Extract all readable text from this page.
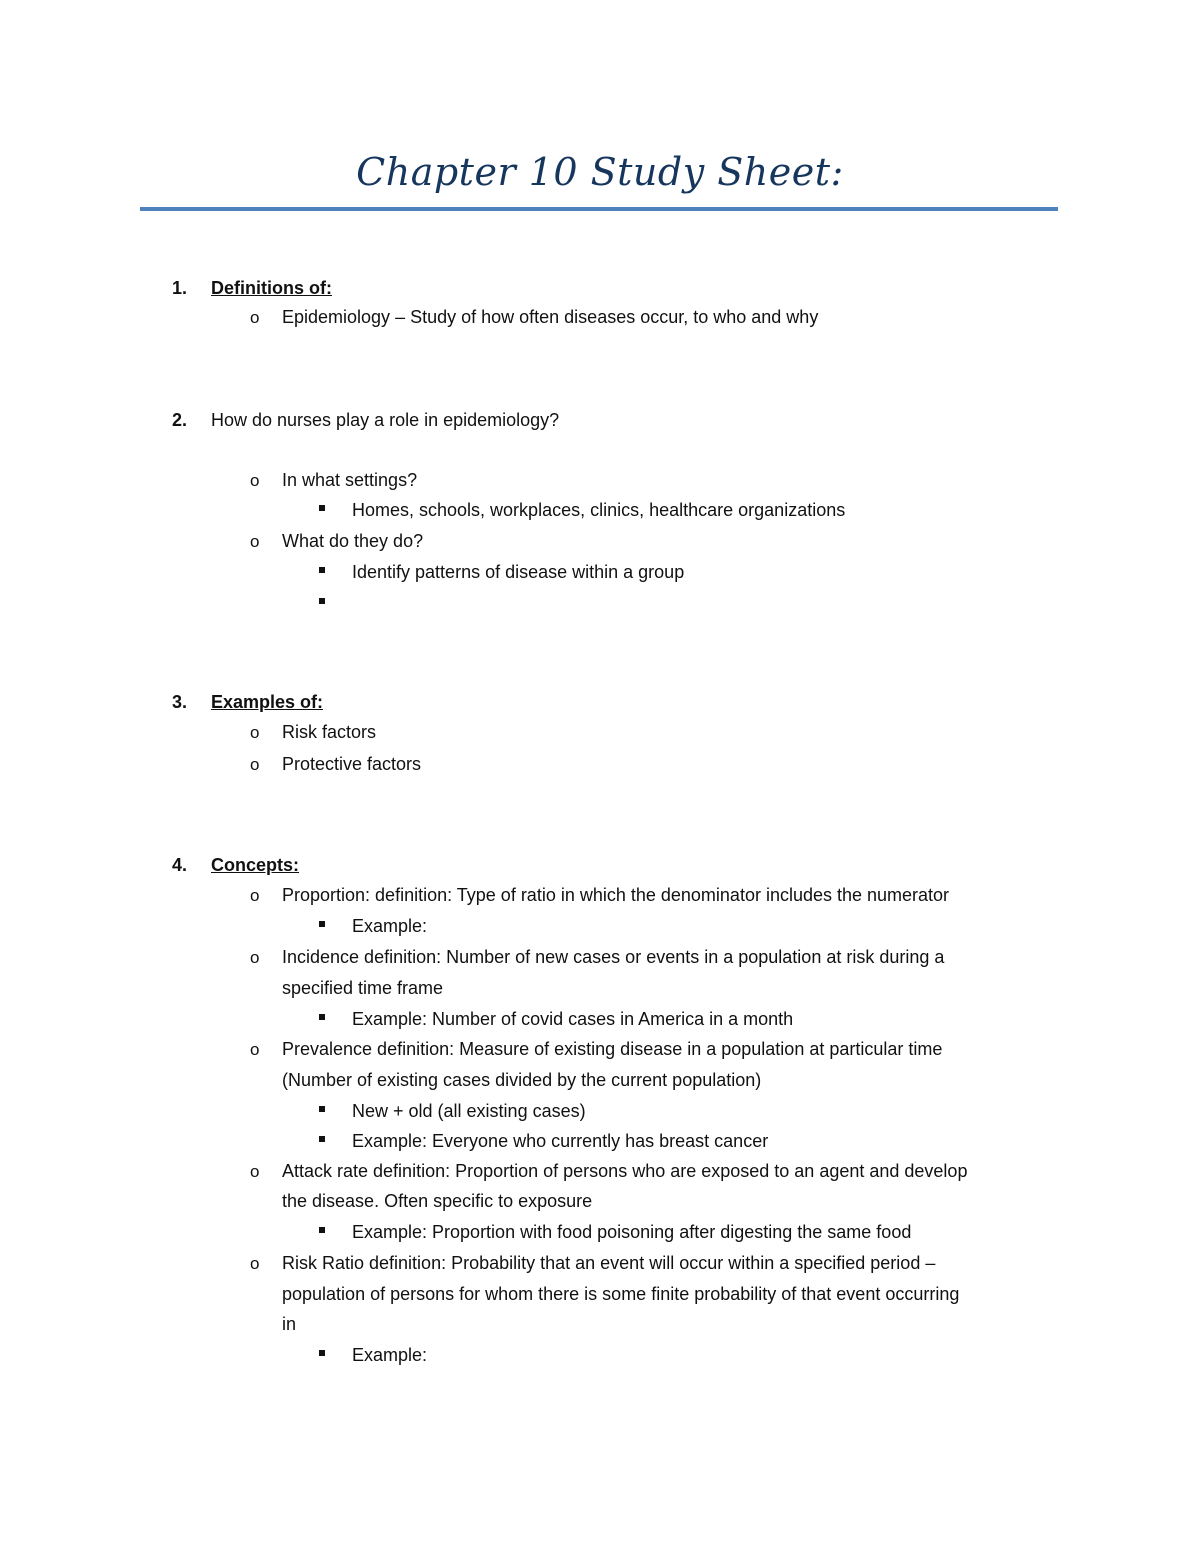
Chapter 10 Study Sheet:
1. Definitions of:
o Epidemiology – Study of how often diseases occur, to who and why
2. How do nurses play a role in epidemiology?
o In what settings?
Homes, schools, workplaces, clinics, healthcare organizations
o What do they do?
Identify patterns of disease within a group
3. Examples of:
o Risk factors
o Protective factors
4. Concepts:
o Proportion: definition: Type of ratio in which the denominator includes the numerator
Example:
o Incidence definition: Number of new cases or events in a population at risk during a
specified time frame
Example: Number of covid cases in America in a month
o Prevalence definition: Measure of existing disease in a population at particular time
(Number of existing cases divided by the current population)
New + old (all existing cases)
Example: Everyone who currently has breast cancer
o Attack rate definition: Proportion of persons who are exposed to an agent and develop
the disease. Often specific to exposure
Example: Proportion with food poisoning after digesting the same food
o Risk Ratio definition: Probability that an event will occur within a specified period –
population of persons for whom there is some finite probability of that event occurring
in
Example:
